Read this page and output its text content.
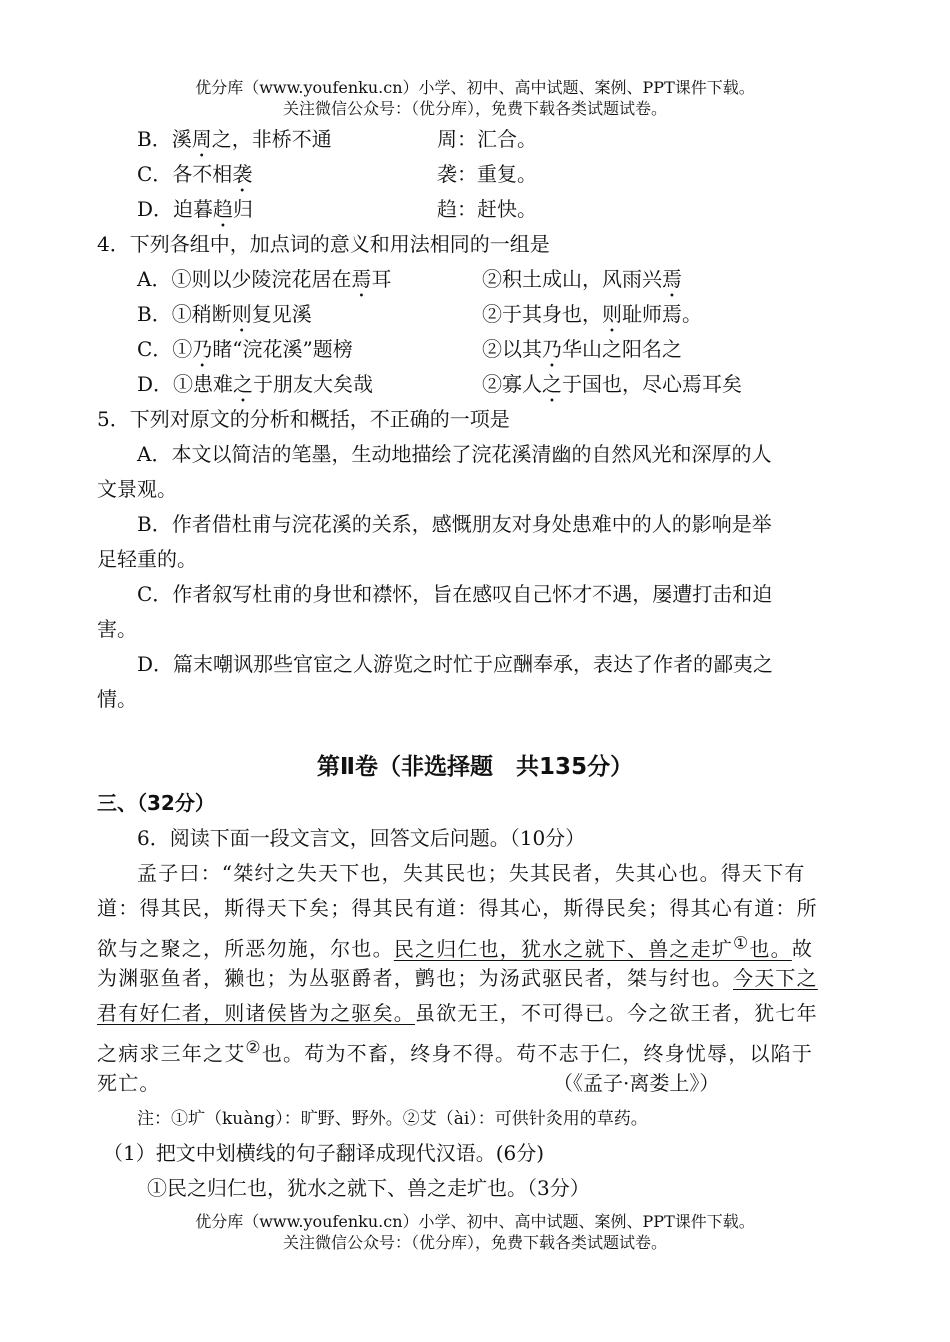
优分库（www.youfenku.cn）小学、初中、高中试题、案例、PPT课件下载。
关注微信公众号：（优分库），免费下载各类试题试卷。
B．溪周之，非桥不通	周：汇合。
C．各不相袭	袭：重复。
D．迫暮趋归	趋：赶快。
4．下列各组中，加点词的意义和用法相同的一组是
A．①则以少陵浣花居在焉耳	②积土成山，风雨兴焉
B．①稍断则复见溪	②于其身也，则耻师焉。
C．①乃睹“浣花溪”题榜	②以其乃华山之阳名之
D．①患难之于朋友大矣哉	②寡人之于国也，尽心焉耳矣
5．下列对原文的分析和概括，不正确的一项是
A．本文以简洁的笔墨，生动地描绘了浣花溪清幽的自然风光和深厚的人
文景观。
B．作者借杜甫与浣花溪的关系，感慨朋友对身处患难中的人的影响是举
足轻重的。
C．作者叙写杜甫的身世和襟怀，旨在感叹自己怀才不遇，屡遭打击和迫
害。
D．篇末嘲讽那些官宦之人游览之时忙于应酬奉承，表达了作者的鄙夷之
情。
第Ⅱ卷（非选择题　共135分）
三、（32分）
6．阅读下面一段文言文，回答文后问题。（10分）
孟子曰：“桀纣之失天下也，失其民也；失其民者，失其心也。得天下有
道：得其民，斯得天下矣；得其民有道：得其心，斯得民矣；得其心有道：所
欲与之聚之，所恶勿施，尔也。民之归仁也，犹水之就下、兽之走圹①也。故
为渊驱鱼者，獭也；为丛驱爵者，鹯也；为汤武驱民者，桀与纣也。今天下之
君有好仁者，则诸侯皆为之驱矣。虽欲无王，不可得已。今之欲王者，犹七年
之病求三年之艾②也。苟为不畜，终身不得。苟不志于仁，终身忧辱，以陷于
死亡。	（《孟子·离娄上》）
注：①圹（kuàng）：旷野、野外。②艾（ài）：可供针灸用的草药。
（1）把文中划横线的句子翻译成现代汉语。(6分)
①民之归仁也，犹水之就下、兽之走圹也。（3分）
优分库（www.youfenku.cn）小学、初中、高中试题、案例、PPT课件下载。
关注微信公众号：（优分库），免费下载各类试题试卷。
